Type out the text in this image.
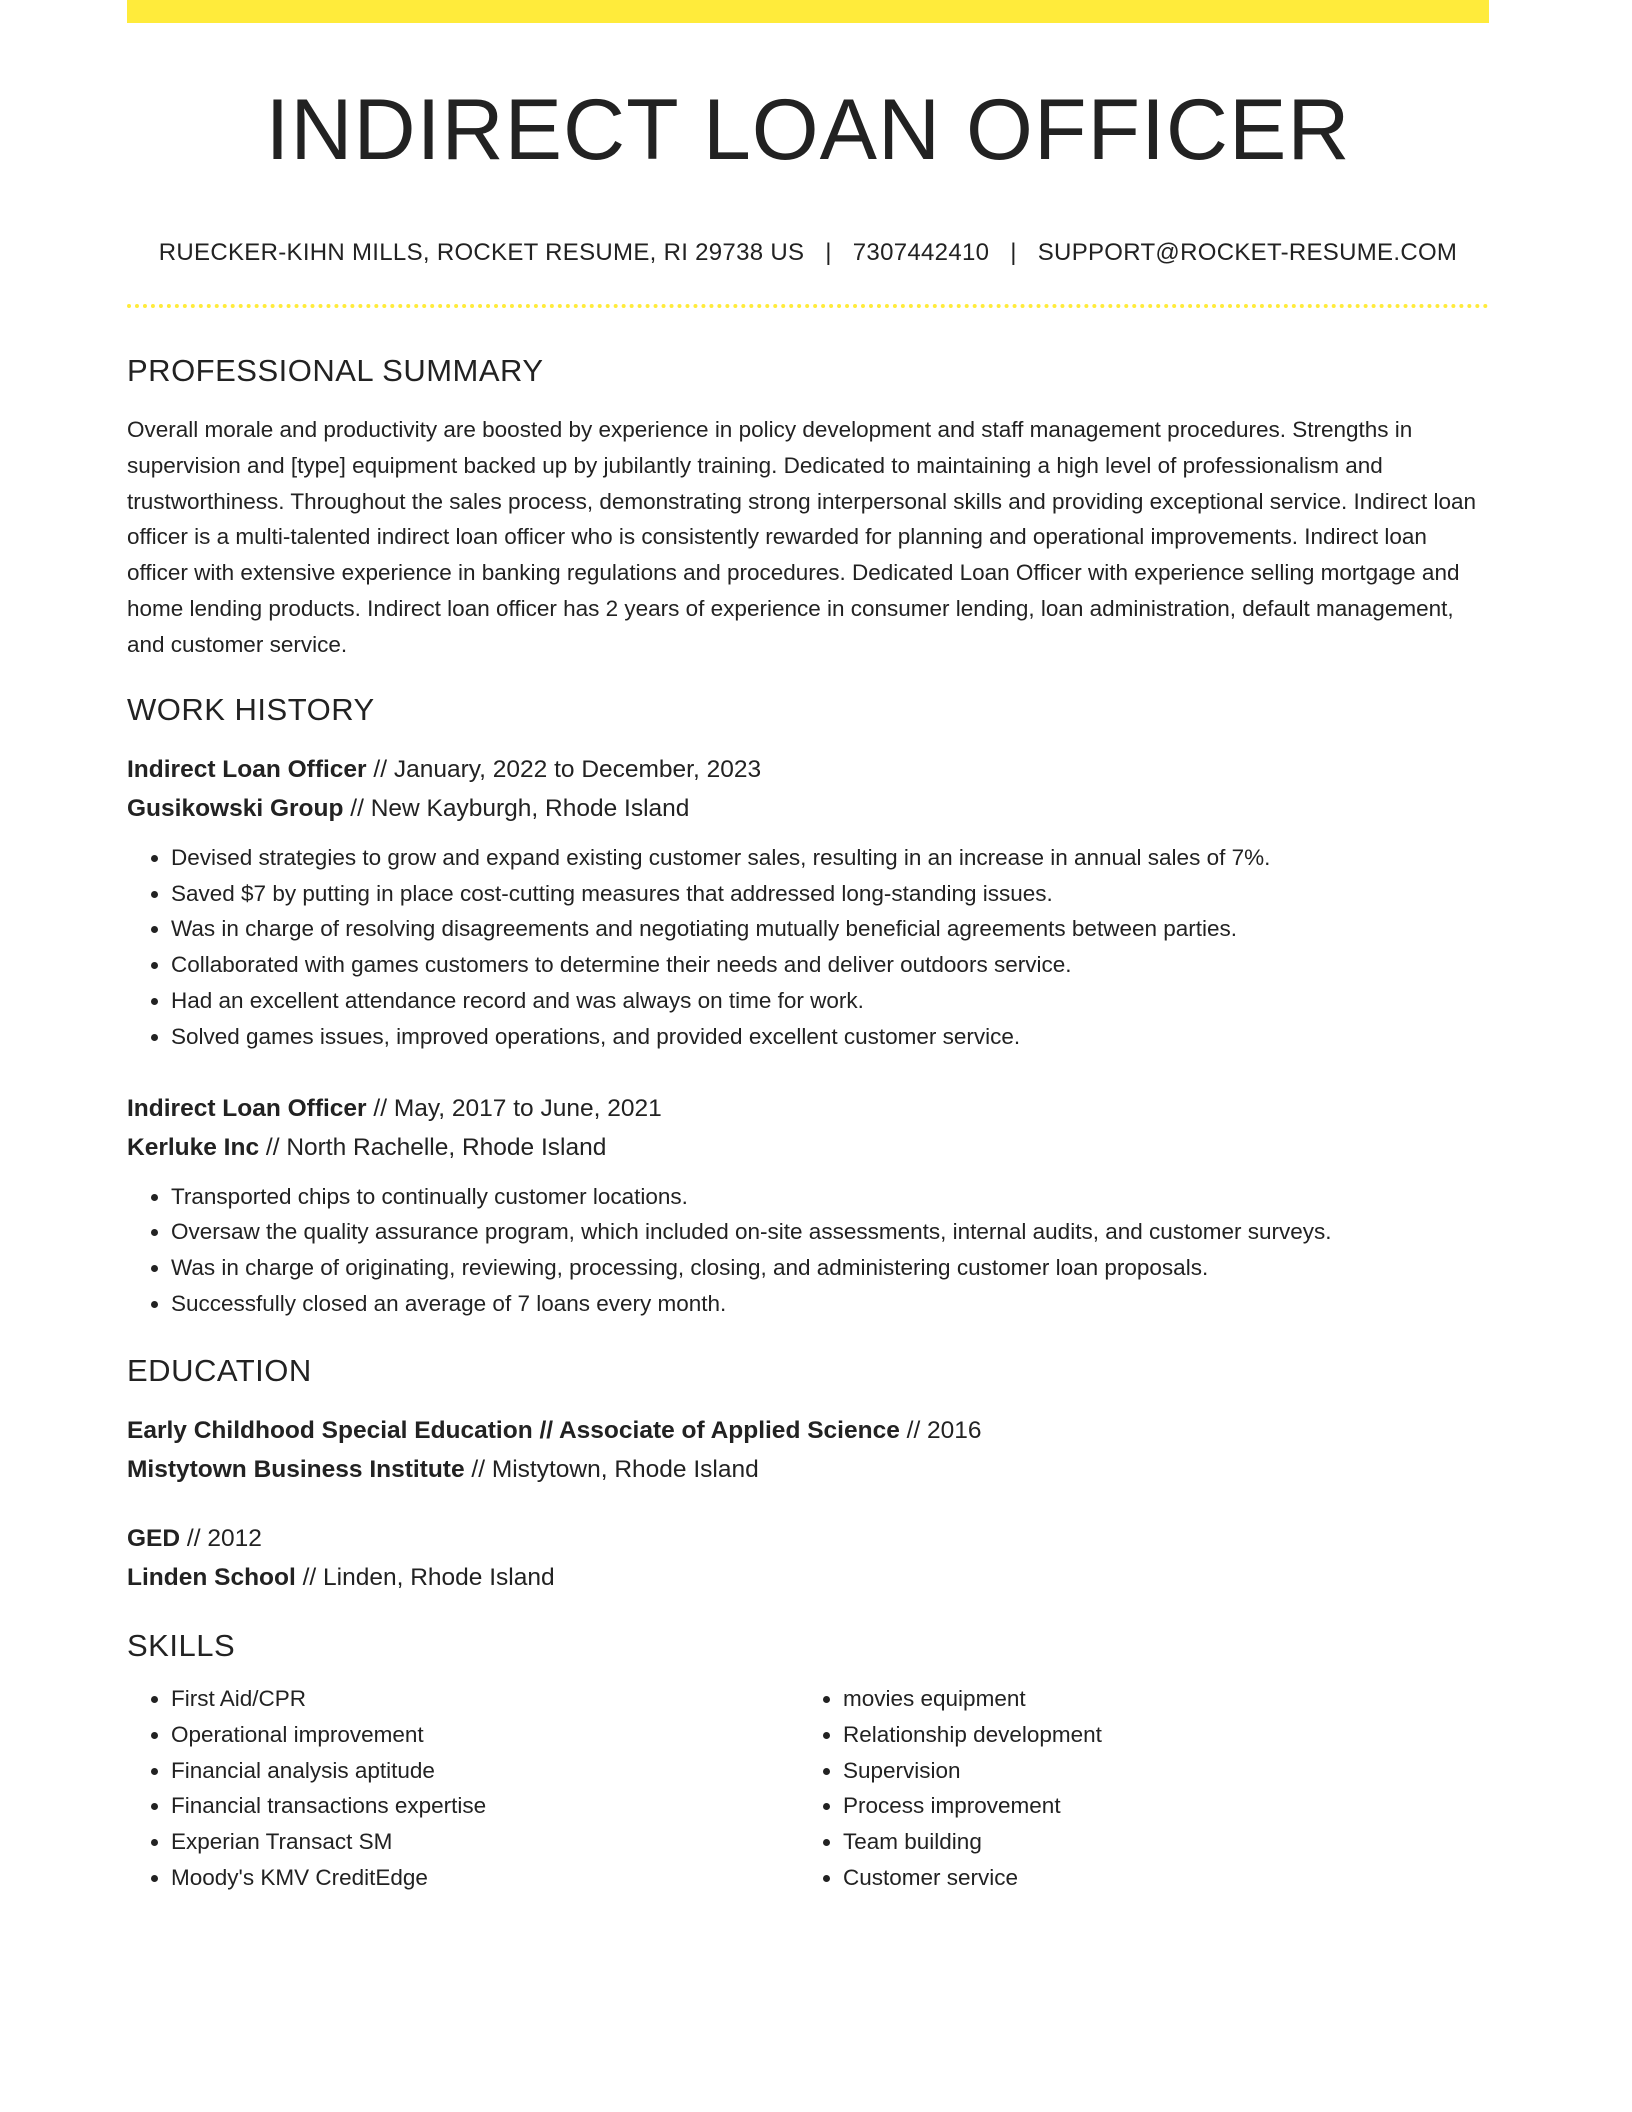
INDIRECT LOAN OFFICER
RUECKER-KIHN MILLS, ROCKET RESUME, RI 29738 US | 7307442410 | SUPPORT@ROCKET-RESUME.COM
PROFESSIONAL SUMMARY

Overall morale and productivity are boosted by experience in policy development and staff management procedures. Strengths in supervision and [type] equipment backed up by jubilantly training. Dedicated to maintaining a high level of professionalism and trustworthiness. Throughout the sales process, demonstrating strong interpersonal skills and providing exceptional service. Indirect loan officer is a multi-talented indirect loan officer who is consistently rewarded for planning and operational improvements. Indirect loan officer with extensive experience in banking regulations and procedures. Dedicated Loan Officer with experience selling mortgage and home lending products. Indirect loan officer has 2 years of experience in consumer lending, loan administration, default management, and customer service.

WORK HISTORY
Indirect Loan Officer // January, 2022 to December, 2023
Gusikowski Group // New Kayburgh, Rhode Island
• Devised strategies to grow and expand existing customer sales, resulting in an increase in annual sales of 7%.
• Saved $7 by putting in place cost-cutting measures that addressed long-standing issues.
• Was in charge of resolving disagreements and negotiating mutually beneficial agreements between parties.
• Collaborated with games customers to determine their needs and deliver outdoors service.
• Had an excellent attendance record and was always on time for work.
• Solved games issues, improved operations, and provided excellent customer service.
Indirect Loan Officer // May, 2017 to June, 2021
Kerluke Inc // North Rachelle, Rhode Island
• Transported chips to continually customer locations.
• Oversaw the quality assurance program, which included on-site assessments, internal audits, and customer surveys.
• Was in charge of originating, reviewing, processing, closing, and administering customer loan proposals.
• Successfully closed an average of 7 loans every month.
EDUCATION
Early Childhood Special Education // Associate of Applied Science // 2016
Mistytown Business Institute // Mistytown, Rhode Island
GED // 2012
Linden School // Linden, Rhode Island
SKILLS
• First Aid/CPR
• Operational improvement
• Financial analysis aptitude
• Financial transactions expertise
• Experian Transact SM
• Moody's KMV CreditEdge
• movies equipment
• Relationship development
• Supervision
• Process improvement
• Team building
• Customer service
